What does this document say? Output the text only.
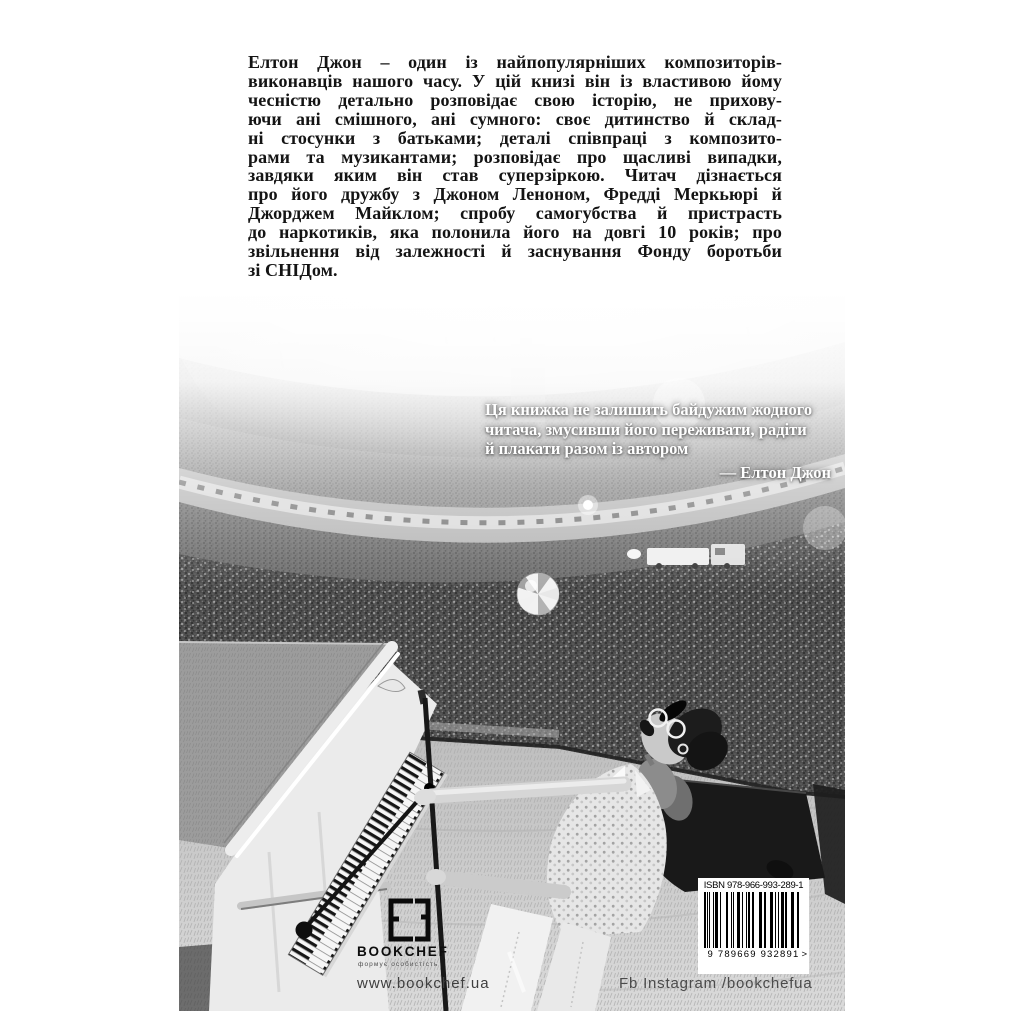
Елтон Джон – один із найпопулярніших композиторів-
виконавців нашого часу. У цій книзі він із властивою йому
чесністю детально розповідає свою історію, не прихову-
ючи ані смішного, ані сумного: своє дитинство й склад-
ні стосунки з батьками; деталі співпраці з композито-
рами та музикантами; розповідає про щасливі випадки,
завдяки яким він став суперзіркою. Читач дізнається
про його дружбу з Джоном Леноном, Фредді Меркьюрі й
Джорджем Майклом; спробу самогубства й пристрасть
до наркотиків, яка полонила його на довгі 10 років; про
звільнення від залежності й заснування Фонду боротьби
зі СНІДом.
Ця книжка не залишить байдужим жодного
читача, змусивши його переживати, радіти
й плакати разом із автором
— Елтон Джон
BOOKCHEF
формує особистість
www.bookchef.ua	Fb Instagram /bookchefua
ISBN 978-966-993-289-1
9 789669 932891 >
